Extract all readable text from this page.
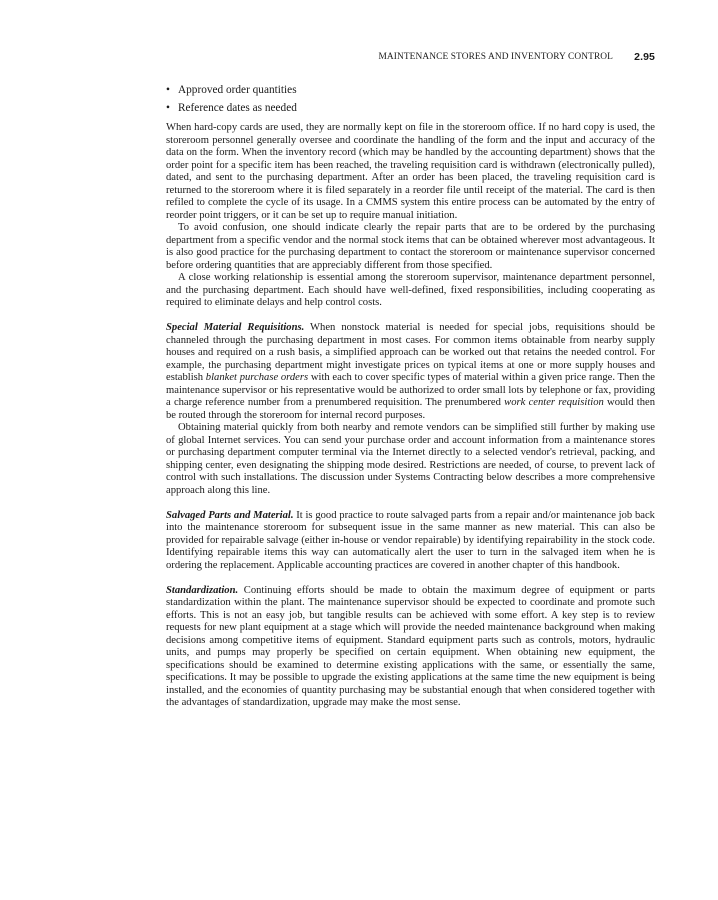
MAINTENANCE STORES AND INVENTORY CONTROL 2.95
• Approved order quantities
• Reference dates as needed

When hard-copy cards are used, they are normally kept on file in the storeroom office. If no hard copy is used, the storeroom personnel generally oversee and coordinate the handling of the form and the input and accuracy of the data on the form. When the inventory record (which may be handled by the accounting department) shows that the order point for a specific item has been reached, the traveling requisition card is withdrawn (electronically pulled), dated, and sent to the purchasing department. After an order has been placed, the traveling requisition card is returned to the storeroom where it is filed separately in a reorder file until receipt of the material. The card is then refiled to complete the cycle of its usage. In a CMMS system this entire process can be automated by the entry of reorder point triggers, or it can be set up to require manual initiation.

To avoid confusion, one should indicate clearly the repair parts that are to be ordered by the purchasing department from a specific vendor and the normal stock items that can be obtained wherever most advantageous. It is also good practice for the purchasing department to contact the storeroom or maintenance supervisor concerned before ordering quantities that are appreciably different from those specified.

A close working relationship is essential among the storeroom supervisor, maintenance department personnel, and the purchasing department. Each should have well-defined, fixed responsibilities, including cooperating as required to eliminate delays and help control costs.

Special Material Requisitions. When nonstock material is needed for special jobs, requisitions should be channeled through the purchasing department in most cases. For common items obtainable from nearby supply houses and required on a rush basis, a simplified approach can be worked out that retains the needed control. For example, the purchasing department might investigate prices on typical items at one or more supply houses and establish blanket purchase orders with each to cover specific types of material within a given price range. Then the maintenance supervisor or his representative would be authorized to order small lots by telephone or fax, providing a charge reference number from a prenumbered requisition. The prenumbered work center requisition would then be routed through the storeroom for internal record purposes.

Obtaining material quickly from both nearby and remote vendors can be simplified still further by making use of global Internet services. You can send your purchase order and account information from a maintenance stores or purchasing department computer terminal via the Internet directly to a selected vendor's retrieval, packing, and shipping center, even designating the shipping mode desired. Restrictions are needed, of course, to prevent lack of control with such installations. The discussion under Systems Contracting below describes a more comprehensive approach along this line.

Salvaged Parts and Material. It is good practice to route salvaged parts from a repair and/or maintenance job back into the maintenance storeroom for subsequent issue in the same manner as new material. This can also be provided for repairable salvage (either in-house or vendor repairable) by identifying repairability in the stock code. Identifying repairable items this way can automatically alert the user to turn in the salvaged item when he is ordering the replacement. Applicable accounting practices are covered in another chapter of this handbook.

Standardization. Continuing efforts should be made to obtain the maximum degree of equipment or parts standardization within the plant. The maintenance supervisor should be expected to coordinate and promote such efforts. This is not an easy job, but tangible results can be achieved with some effort. A key step is to review requests for new plant equipment at a stage which will provide the needed maintenance background when making decisions among competitive items of equipment. Standard equipment parts such as controls, motors, hydraulic units, and pumps may properly be specified on certain equipment. When obtaining new equipment, the specifications should be examined to determine existing applications with the same, or essentially the same, specifications. It may be possible to upgrade the existing applications at the same time the new equipment is being installed, and the economies of quantity purchasing may be substantial enough that when considered together with the advantages of standardization, upgrade may make the most sense.
